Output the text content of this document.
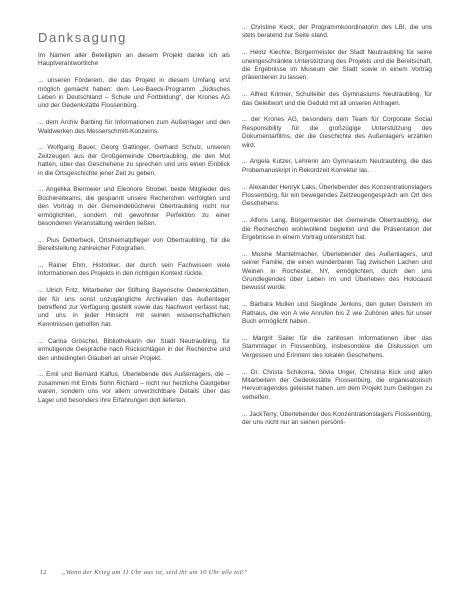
Danksagung

Im Namen aller Beteiligten an diesem Projekt danke ich als Hauptverantwortliche

... unseren Förderern, die das Projekt in diesem Umfang erst möglich gemacht haben: dem Leo-Baeck-Programm „Jüdisches Leben in Deutschland – Schule und Fortbildung“, der Krones AG und der Gedenkstätte Flossenbürg.

... dem Archiv Barbing für Informationen zum Außenlager und den Waldwerken des Messerschmitt-Konzerns.

... Wolfgang Bauer, Georg Gattinger, Gerhard Schulz, unseren Zeitzeugen aus der Großgemeinde Obertraubling, die den Mut hatten, über das Geschehene zu sprechen und uns einen Einblick in die Ortsgeschichte jener Zeit zu geben.

... Angelika Biermeier und Eleonore Strobel, beide Mitglieder des Büchereiteams, die gespannt unsere Recherchen verfolgten und den Vortrag in der Gemeindebücherei Obertraubling nicht nur ermöglichten, sondern mit gewohnter Perfektion zu einer besonderen Veranstaltung werden ließen.

... Pius Detterbeck, Ortsheimatpfleger von Obertraubling, für die Bereitstellung zahlreicher Fotografien.

... Rainer Ehm, Historiker, der durch sein Fachwissen viele Informationen des Projekts in den richtigen Kontext rückte.

... Ulrich Fritz, Mitarbeiter der Stiftung Bayerische Gedenkstätten, der für uns sonst unzugängliche Archivalien das Außenlager betreffend zur Verfügung gestellt sowie das Nachwort verfasst hat, und uns in jeder Hinsicht mit seinen wissenschaftlichen Kenntnissen geholfen hat.

... Carina Gröschel, Bibliothekarin der Stadt Neutraubling, für ermutigende Gespräche nach Rückschlägen in der Recherche und den unbedingten Glauben an unser Projekt.

... Emil und Bernard Kalfus, Überlebende des Außenlagers, die – zusammen mit Emils Sohn Richard – nicht nur herzliche Gastgeber waren, sondern uns vor allem unverzichtbare Details über das Lager und besonders ihre Erfahrungen dort lieferten.

... Christine Keck, der Programmkoordinatorin des LBI, die uns stets beratend zur Seite stand.

... Heinz Kiechle, Bürgermeister der Stadt Neutraubling für seine uneingeschränkte Unterstützung des Projekts und die Bereitschaft, die Ergebnisse im Museum der Stadt sowie in einem Vortrag präsentieren zu lassen.

... Alfred Krinner, Schulleiter des Gymnasiums Neutraubling, für das Geleitwort und die Geduld mit all unseren Anfragen.

... der Krones AG, besonders dem Team für Corporate Social Responsibility für die großzügige Unterstützung des Dokumentarfilms, der die Geschichte des Außenlagers erzählen wird.

... Angela Kutzer, Lehrerin am Gymnasium Neutraubling, die das Probemanuskript in Rekordzeit Korrektur las.

... Alexander Henryk Laks, Überlebender des Konzentrationslagers Flossenbürg, für ein bewegendes Zeitzeugengespräch am Ort des Geschehens.

... Alfons Lang, Bürgermeister der Gemeinde Obertraubling, der die Recherchen wohlwollend begleitet und die Präsentation der Ergebnisse in einem Vortrag unterstützt hat.

... Moishe Mantelmacher, Überlebender des Außenlagers, und seiner Familie, die einen wunderbaren Tag zwischen Lachen und Weinen in Rochester, NY, ermöglichten, durch den uns Grundlegendes über Leben im und Überleben des Holocaust bewusst wurde.

... Barbara Mullen und Sieglinde Jenkins, den guten Geistern im Rathaus, die von A wie Anrufen bis Z wie Zuhören alles für unser Buch ermöglicht haben.

... Margrit Sailer für die zahllosen Informationen über das Stammlager in Flossenbürg, insbesondere die Diskussion um Vergessen und Erinnern des lokalen Geschehens.

... Dr. Christa Schikorra, Silvia Unger, Christina Kick und allen Mitarbeitern der Gedenkstätte Flossenbürg, die organisatorisch Hervorragendes geleistet haben, um dem Projekt zum Gelingen zu verhelfen.

... JackTerry, Überlebender des Konzentrationslagers Flossenbürg, der uns nicht nur an seinen persönli-

12 „Wenn der Krieg um 11 Uhr aus ist, seid ihr um 10 Uhr alle tot!“
